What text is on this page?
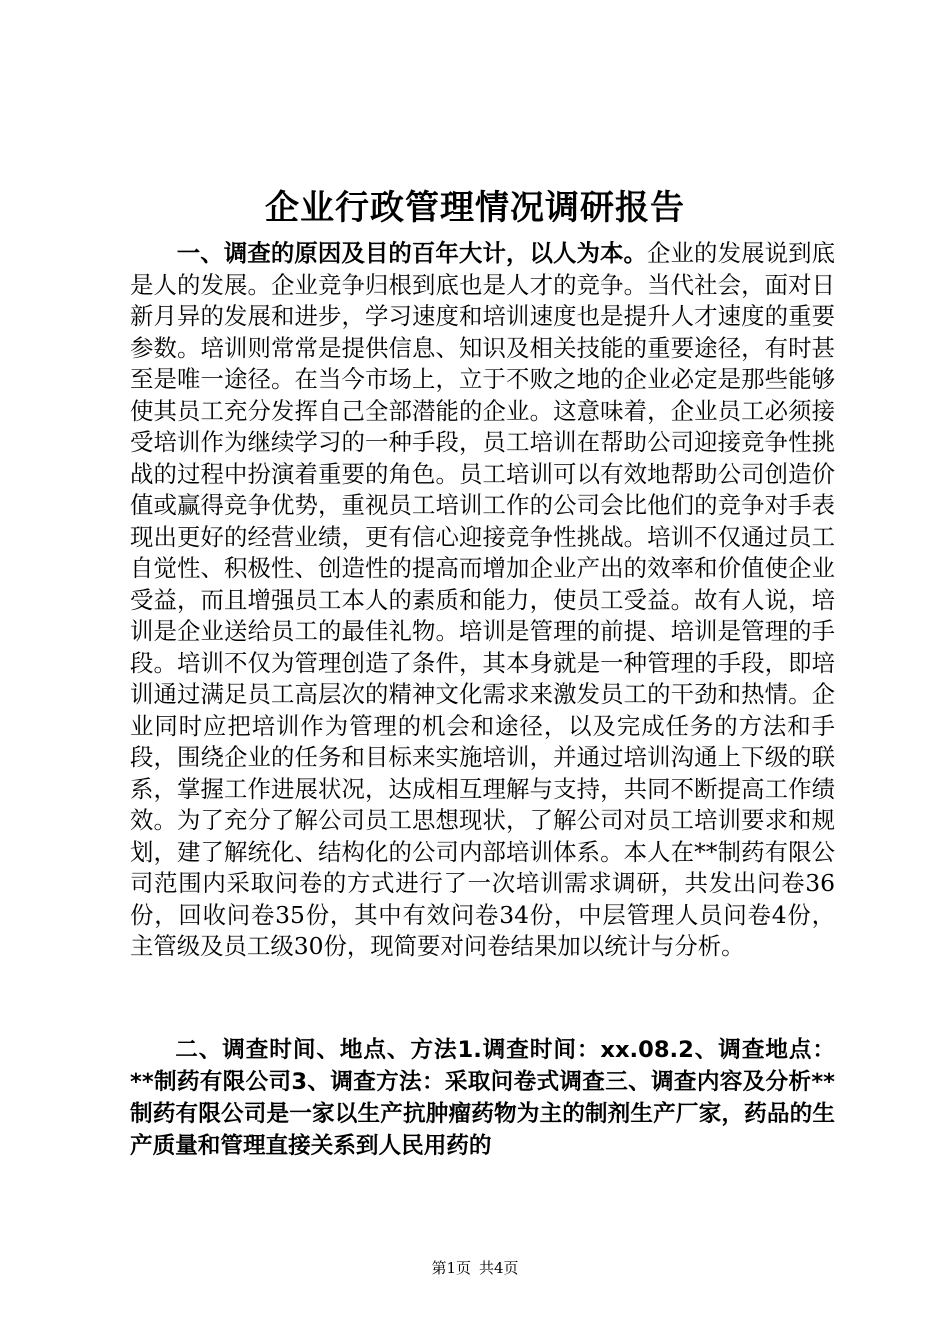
企业行政管理情况调研报告

一、调查的原因及目的百年大计，以人为本。企业的发展说到底是人的发展。企业竞争归根到底也是人才的竞争。当代社会，面对日新月异的发展和进步，学习速度和培训速度也是提升人才速度的重要参数。培训则常常是提供信息、知识及相关技能的重要途径，有时甚至是唯一途径。在当今市场上，立于不败之地的企业必定是那些能够使其员工充分发挥自己全部潜能的企业。这意味着，企业员工必须接受培训作为继续学习的一种手段，员工培训在帮助公司迎接竞争性挑战的过程中扮演着重要的角色。员工培训可以有效地帮助公司创造价值或赢得竞争优势，重视员工培训工作的公司会比他们的竞争对手表现出更好的经营业绩，更有信心迎接竞争性挑战。培训不仅通过员工自觉性、积极性、创造性的提高而增加企业产出的效率和价值使企业受益，而且增强员工本人的素质和能力，使员工受益。故有人说，培训是企业送给员工的最佳礼物。培训是管理的前提、培训是管理的手段。培训不仅为管理创造了条件，其本身就是一种管理的手段，即培训通过满足员工高层次的精神文化需求来激发员工的干劲和热情。企业同时应把培训作为管理的机会和途径，以及完成任务的方法和手段，围绕企业的任务和目标来实施培训，并通过培训沟通上下级的联系，掌握工作进展状况，达成相互理解与支持，共同不断提高工作绩效。为了充分了解公司员工思想现状，了解公司对员工培训要求和规划，建了解统化、结构化的公司内部培训体系。本人在**制药有限公司范围内采取问卷的方式进行了一次培训需求调研，共发出问卷36份，回收问卷35份，其中有效问卷34份，中层管理人员问卷4份，主管级及员工级30份，现简要对问卷结果加以统计与分析。

二、调查时间、地点、方法1.调查时间：xx.08.2、调查地点：**制药有限公司3、调查方法：采取问卷式调查三、调查内容及分析**制药有限公司是一家以生产抗肿瘤药物为主的制剂生产厂家，药品的生产质量和管理直接关系到人民用药的

第1页 共4页
